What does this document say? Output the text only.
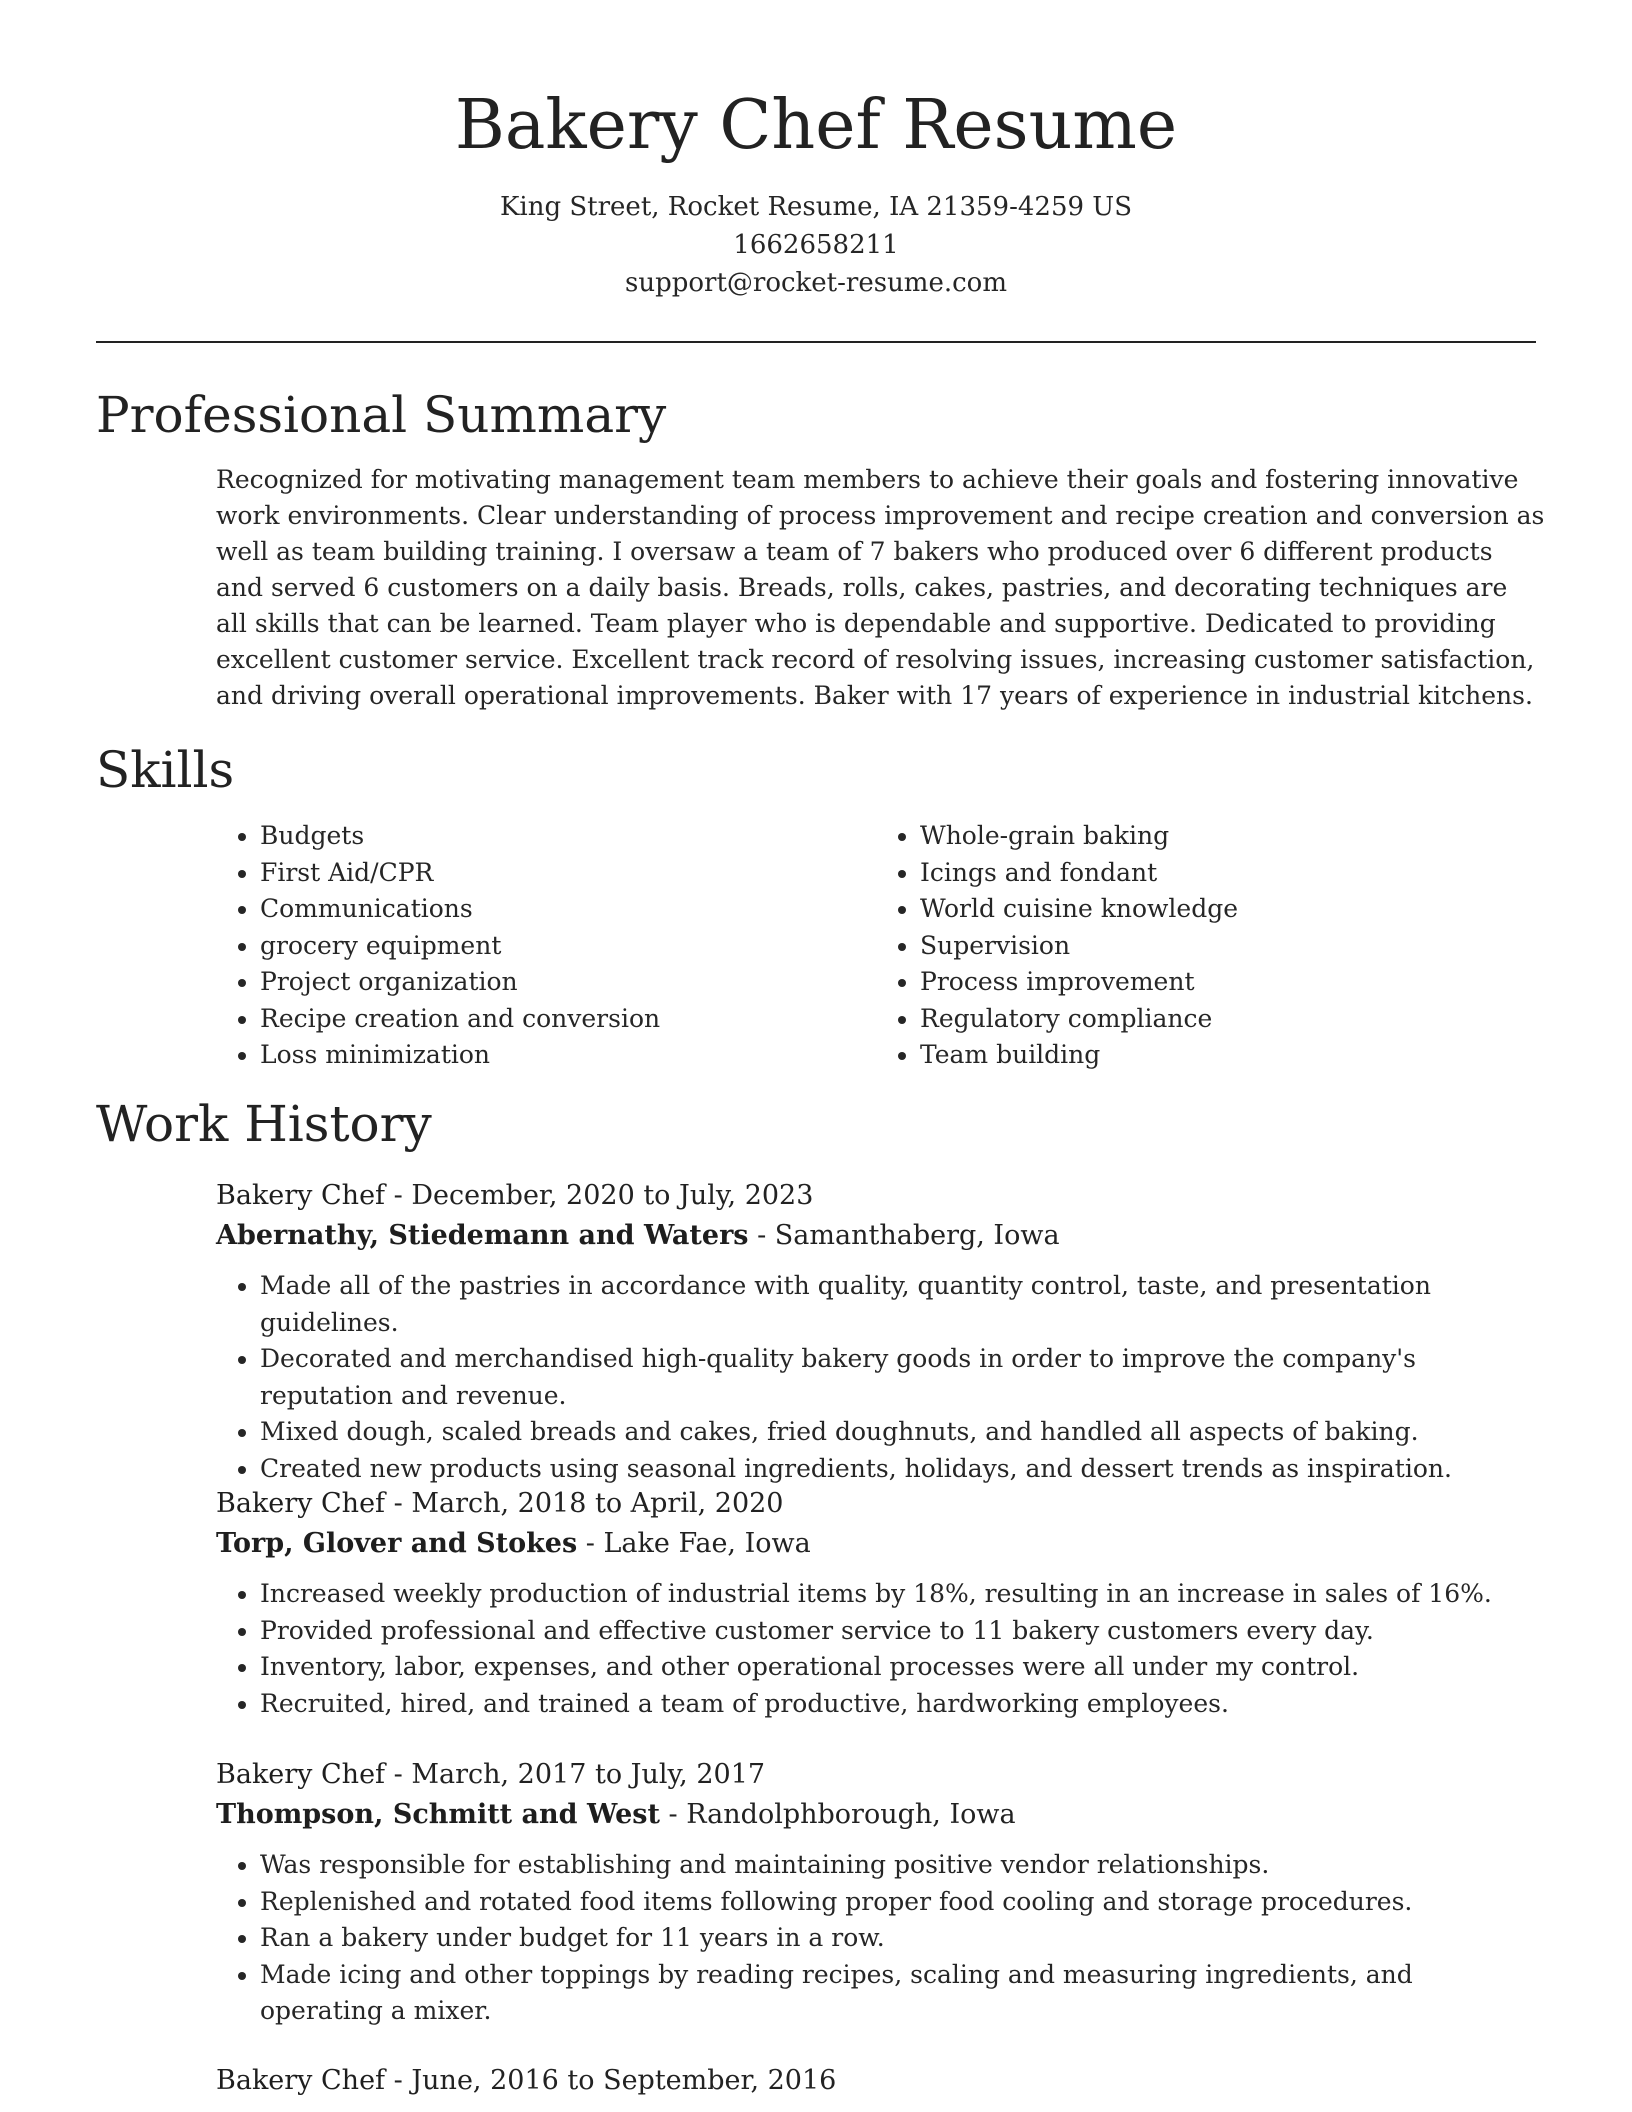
Bakery Chef Resume
King Street, Rocket Resume, IA 21359-4259 US
1662658211
support@rocket-resume.com
Professional Summary

Recognized for motivating management team members to achieve their goals and fostering innovative work environments. Clear understanding of process improvement and recipe creation and conversion as well as team building training. I oversaw a team of 7 bakers who produced over 6 different products and served 6 customers on a daily basis. Breads, rolls, cakes, pastries, and decorating techniques are all skills that can be learned. Team player who is dependable and supportive. Dedicated to providing excellent customer service. Excellent track record of resolving issues, increasing customer satisfaction, and driving overall operational improvements. Baker with 17 years of experience in industrial kitchens.

Skills
• Budgets
• First Aid/CPR
• Communications
• grocery equipment
• Project organization
• Recipe creation and conversion
• Loss minimization
• Whole-grain baking
• Icings and fondant
• World cuisine knowledge
• Supervision
• Process improvement
• Regulatory compliance
• Team building
Work History
Bakery Chef - December, 2020 to July, 2023
Abernathy, Stiedemann and Waters - Samanthaberg, Iowa
• Made all of the pastries in accordance with quality, quantity control, taste, and presentation guidelines.
• Decorated and merchandised high-quality bakery goods in order to improve the company's reputation and revenue.
• Mixed dough, scaled breads and cakes, fried doughnuts, and handled all aspects of baking.
• Created new products using seasonal ingredients, holidays, and dessert trends as inspiration.
Bakery Chef - March, 2018 to April, 2020
Torp, Glover and Stokes - Lake Fae, Iowa
• Increased weekly production of industrial items by 18%, resulting in an increase in sales of 16%.
• Provided professional and effective customer service to 11 bakery customers every day.
• Inventory, labor, expenses, and other operational processes were all under my control.
• Recruited, hired, and trained a team of productive, hardworking employees.
Bakery Chef - March, 2017 to July, 2017
Thompson, Schmitt and West - Randolphborough, Iowa
• Was responsible for establishing and maintaining positive vendor relationships.
• Replenished and rotated food items following proper food cooling and storage procedures.
• Ran a bakery under budget for 11 years in a row.
• Made icing and other toppings by reading recipes, scaling and measuring ingredients, and operating a mixer.
Bakery Chef - June, 2016 to September, 2016
